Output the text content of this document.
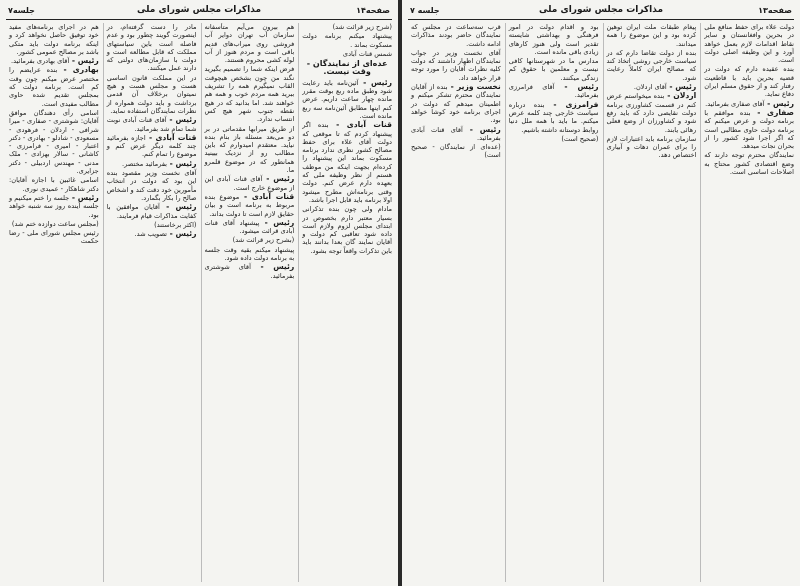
صفحه۱۴
مذاکرات مجلس شورای ملی
جلسه۷

(شرح زیر قرائت شد)

پیشنهاد میکنم برنامه دولت مسکوت بماند .

شمس قنات آبادی

عده‌ای از نمایندگان - وقت نیست.

رئیس - آئین‌نامه باید رعایت شود وطبق ماده ربع بوقت مقرر مانده چهار ساعت داریم. عرض کنم اینها مطابق آئین‌نامه سه ربع مانده است.

قنات آبادی - بنده اگر پیشنهاد کردم که تا موقعی که دولت آقای علاء برای حفظ مصالح کشور نظری ندارد برنامه مسکوت بماند این پیشنهاد را کرده‌ام بجهت اینکه من موظف هستم از نظر وظیفه ملی که بعهده دارم عرض کنم. دولت وقتی برنامه‌اش مطرح میشود اولا برنامه باید قابل اجرا باشد.

مادام ولی چون بنده تذکرانی بسیار معتبر دارم بخصوص در ابتدای مجلس لزوم ولازم است داده شود تعاقبی کم دولت و آقایان نمایند گان بعدا بدانند باید باین تذکرات واقعاً توجه بشود.

هم بیرون می‌آیم متأسفانه سازمان آب تهران دوایر آب فروشی روی میراب‌های قدیم باقی است و مردم هنوز از آب لوله کشی محروم هستند.

فرض اینکه شما را تصمیم بگیرید نگند من چون بشخص هیچوقت القاب نمیگیرم همه را تشریف ببرید همه مردم خوب و همه هم خواهند شد. اما بدانید که در هیچ نقطه جنوب شهر هیچ کس انتساب ندارد.

از طریق میرابها مقدماتی در بر دو می‌بعد مسئله باز بنام بنده نیاید. معتقدم امیدوارم که باین مطالب رو از نزدیک بیینید همانطور که در موضوع قلمرو ما.

رئیس - آقای قنات آبادی این از موضوع خارج است.

قنات آبادی - موضوع بنده مربوط به برنامه است و بیان حقایق لازم است تا دولت بداند.

رئیس - پیشنهاد آقای قنات آبادی قرائت میشود.

(بشرح زیر قرائت شد)

پیشنهاد میکنم بقیه وقت جلسه به برنامه دولت داده شود.

رئیس - آقای شوشتری بفرمائید.

مادر را دست گرفته‌ام، در اینصورت گویند چطور بود و عدم فاصله است باین سیاستهای مملکت که قابل مطالعه است و دولت با سازمان‌های دولتی که دارند عمل میکنند.

در این مملکت قانون اساسی هست و مجلس هست و هیچ نمیتوان برخلاف آن قدمی برداشت و باید دولت همواره از نظرات نمایندگان استفاده نماید.

رئیس - آقای قنات آبادی نوبت شما تمام شد بفرمائید.

قنات آبادی - اجازه بفرمائید چند کلمه دیگر عرض کنم و موضوع را تمام کنم.

رئیس - بفرمائید مختصر.

آقای نخست وزیر مقصود بنده این بود که دولت در انتخاب مأمورین خود دقت کند و اشخاص صالح را بکار بگمارد.

رئیس - آقایان موافقین با کفایت مذاکرات قیام فرمایند.

(اکثر برخاستند)

رئیس - تصویب شد.

هم در اجرای برنامه‌های مفید خود توفیق حاصل نخواهد کرد و اینکه برنامه دولت باید متکی باشد بر مصالح عمومی کشور.

رئیس - آقای بهادری بفرمائید.

بهادری - بنده عرایضم را مختصر عرض میکنم چون وقت کم است. برنامه دولت که بمجلس تقدیم شده حاوی مطالب مفیدی است.

اسامی رأی دهندگان موافق آقایان: شوشتری - صفاری - میرا شرافی - اردلان - فرهودی - مسعودی - شادلو - بهادری - دکتر اعتبار - امیری - فرامرزی - کاشانی - سالار بهزادی - ملک مدنی - مهندس اردبیلی - دکتر جزایری.

اسامی غائبین با اجازه آقایان: دکتر شاهکار - عمیدی نوری.

رئیس - جلسه را ختم میکنیم و جلسه آینده روز سه شنبه خواهد بود.

(مجلس ساعت دوازده ختم شد)

رئیس مجلس شورای ملی - رضا حکمت

صفحه۱۳
مذاکرات مجلس شورای ملی
جلسه ۷

دولت علاء برای حفظ منافع ملی در بحرین وافغانستان و سایر نقاط اقدامات لازم بعمل خواهد آورد و این وظیفه اصلی دولت است.

بنده عقیده دارم که دولت در قضیه بحرین باید با قاطعیت رفتار کند و از حقوق مسلم ایران دفاع نماید.

رئیس - آقای صفاری بفرمائید.

صفاری - بنده موافقم با برنامه دولت و عرض میکنم که برنامه دولت حاوی مطالبی است که اگر اجرا شود کشور را از بحران نجات میدهد.

نمایندگان محترم توجه دارند که وضع اقتصادی کشور محتاج به اصلاحات اساسی است.

پیغام طبقات ملت ایران توهین کرده بود و این موضوع را همه میدانند.

بنده از دولت تقاضا دارم که در سیاست خارجی روشی اتخاذ کند که مصالح ایران کاملاً رعایت شود.

رئیس - آقای اردلان.

اردلان - بنده میخواستم عرض کنم در قسمت کشاورزی برنامه دولت نقایصی دارد که باید رفع شود و کشاورزان از وضع فعلی رهائی یابند.

سازمان برنامه باید اعتبارات لازم را برای عمران دهات و آبیاری اختصاص دهد.

بود و اقدام دولت در امور فرهنگی و بهداشتی شایسته تقدیر است ولی هنوز کارهای زیادی باقی مانده است.

مدارس ما در شهرستانها کافی نیست و معلمین با حقوق کم زندگی میکنند.

رئیس - آقای فرامرزی بفرمائید.

فرامرزی - بنده درباره سیاست خارجی چند کلمه عرض میکنم. ما باید با همه ملل دنیا روابط دوستانه داشته باشیم.

(صحیح است)

قرب سه‌ساعت در مجلس که نمایندگان حاضر بودند مذاکرات ادامه داشت.

آقای نخست وزیر در جواب نمایندگان اظهار داشتند که دولت کلیه نظرات آقایان را مورد توجه قرار خواهد داد.

نخست وزیر - بنده از آقایان نمایندگان محترم تشکر میکنم و اطمینان میدهم که دولت در اجرای برنامه خود کوشا خواهد بود.

رئیس - آقای قنات آبادی بفرمائید.

(عده‌ای از نمایندگان - صحیح است)
